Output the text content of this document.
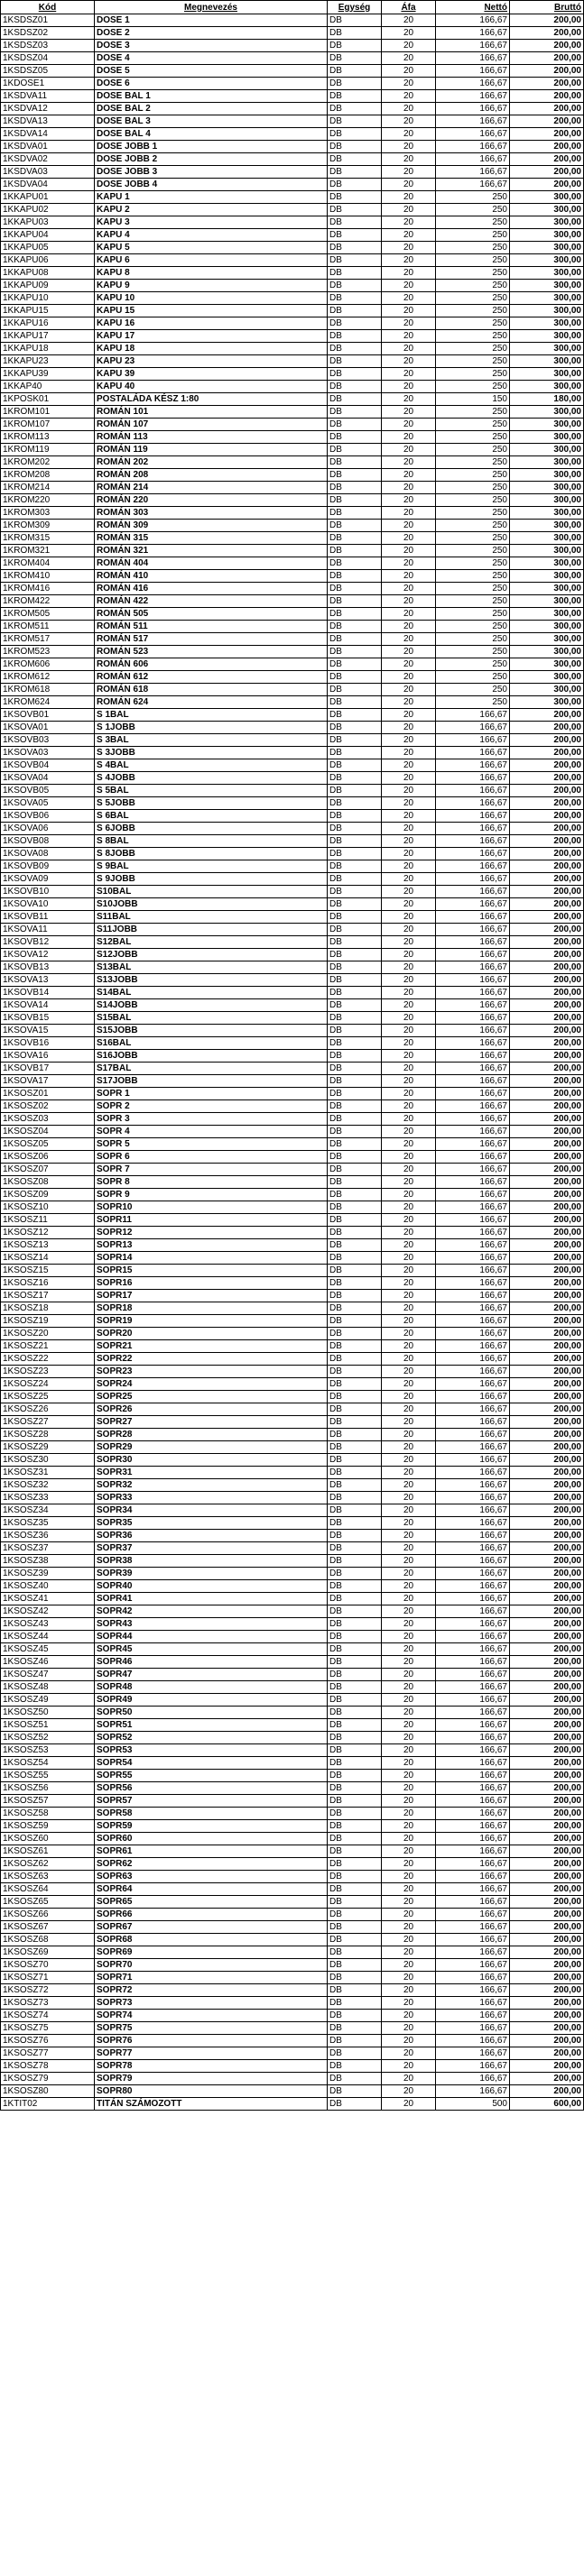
Kód	Megnevezés	Egység	Áfa	Nettó	Bruttó
1KSDSZ01	DOSE 1	DB	20	166,67	200,00
1KSDSZ02	DOSE 2	DB	20	166,67	200,00
1KSDSZ03	DOSE 3	DB	20	166,67	200,00
1KSDSZ04	DOSE 4	DB	20	166,67	200,00
1KSDSZ05	DOSE 5	DB	20	166,67	200,00
1KDOSE1	DOSE 6	DB	20	166,67	200,00
1KSDVA11	DOSE BAL 1	DB	20	166,67	200,00
1KSDVA12	DOSE BAL 2	DB	20	166,67	200,00
1KSDVA13	DOSE BAL 3	DB	20	166,67	200,00
1KSDVA14	DOSE BAL 4	DB	20	166,67	200,00
1KSDVA01	DOSE JOBB 1	DB	20	166,67	200,00
1KSDVA02	DOSE JOBB 2	DB	20	166,67	200,00
1KSDVA03	DOSE JOBB 3	DB	20	166,67	200,00
1KSDVA04	DOSE JOBB 4	DB	20	166,67	200,00
1KKAPU01	KAPU 1	DB	20	250	300,00
1KKAPU02	KAPU 2	DB	20	250	300,00
1KKAPU03	KAPU 3	DB	20	250	300,00
1KKAPU04	KAPU 4	DB	20	250	300,00
1KKAPU05	KAPU 5	DB	20	250	300,00
1KKAPU06	KAPU 6	DB	20	250	300,00
1KKAPU08	KAPU 8	DB	20	250	300,00
1KKAPU09	KAPU 9	DB	20	250	300,00
1KKAPU10	KAPU 10	DB	20	250	300,00
1KKAPU15	KAPU 15	DB	20	250	300,00
1KKAPU16	KAPU 16	DB	20	250	300,00
1KKAPU17	KAPU 17	DB	20	250	300,00
1KKAPU18	KAPU 18	DB	20	250	300,00
1KKAPU23	KAPU 23	DB	20	250	300,00
1KKAPU39	KAPU 39	DB	20	250	300,00
1KKAP40	KAPU 40	DB	20	250	300,00
1KPOSK01	POSTALÁDA KÉSZ 1:80	DB	20	150	180,00
1KROM101	ROMÁN 101	DB	20	250	300,00
1KROM107	ROMÁN 107	DB	20	250	300,00
1KROM113	ROMÁN 113	DB	20	250	300,00
1KROM119	ROMÁN 119	DB	20	250	300,00
1KROM202	ROMÁN 202	DB	20	250	300,00
1KROM208	ROMÁN 208	DB	20	250	300,00
1KROM214	ROMÁN 214	DB	20	250	300,00
1KROM220	ROMÁN 220	DB	20	250	300,00
1KROM303	ROMÁN 303	DB	20	250	300,00
1KROM309	ROMÁN 309	DB	20	250	300,00
1KROM315	ROMÁN 315	DB	20	250	300,00
1KROM321	ROMÁN 321	DB	20	250	300,00
1KROM404	ROMÁN 404	DB	20	250	300,00
1KROM410	ROMÁN 410	DB	20	250	300,00
1KROM416	ROMÁN 416	DB	20	250	300,00
1KROM422	ROMÁN 422	DB	20	250	300,00
1KROM505	ROMÁN 505	DB	20	250	300,00
1KROM511	ROMÁN 511	DB	20	250	300,00
1KROM517	ROMÁN 517	DB	20	250	300,00
1KROM523	ROMÁN 523	DB	20	250	300,00
1KROM606	ROMÁN 606	DB	20	250	300,00
1KROM612	ROMÁN 612	DB	20	250	300,00
1KROM618	ROMÁN 618	DB	20	250	300,00
1KROM624	ROMÁN 624	DB	20	250	300,00
1KSOVB01	S 1BAL	DB	20	166,67	200,00
1KSOVA01	S 1JOBB	DB	20	166,67	200,00
1KSOVB03	S 3BAL	DB	20	166,67	200,00
1KSOVA03	S 3JOBB	DB	20	166,67	200,00
1KSOVB04	S 4BAL	DB	20	166,67	200,00
1KSOVA04	S 4JOBB	DB	20	166,67	200,00
1KSOVB05	S 5BAL	DB	20	166,67	200,00
1KSOVA05	S 5JOBB	DB	20	166,67	200,00
1KSOVB06	S 6BAL	DB	20	166,67	200,00
1KSOVA06	S 6JOBB	DB	20	166,67	200,00
1KSOVB08	S 8BAL	DB	20	166,67	200,00
1KSOVA08	S 8JOBB	DB	20	166,67	200,00
1KSOVB09	S 9BAL	DB	20	166,67	200,00
1KSOVA09	S 9JOBB	DB	20	166,67	200,00
1KSOVB10	S10BAL	DB	20	166,67	200,00
1KSOVA10	S10JOBB	DB	20	166,67	200,00
1KSOVB11	S11BAL	DB	20	166,67	200,00
1KSOVA11	S11JOBB	DB	20	166,67	200,00
1KSOVB12	S12BAL	DB	20	166,67	200,00
1KSOVA12	S12JOBB	DB	20	166,67	200,00
1KSOVB13	S13BAL	DB	20	166,67	200,00
1KSOVA13	S13JOBB	DB	20	166,67	200,00
1KSOVB14	S14BAL	DB	20	166,67	200,00
1KSOVA14	S14JOBB	DB	20	166,67	200,00
1KSOVB15	S15BAL	DB	20	166,67	200,00
1KSOVA15	S15JOBB	DB	20	166,67	200,00
1KSOVB16	S16BAL	DB	20	166,67	200,00
1KSOVA16	S16JOBB	DB	20	166,67	200,00
1KSOVB17	S17BAL	DB	20	166,67	200,00
1KSOVA17	S17JOBB	DB	20	166,67	200,00
1KSOSZ01	SOPR 1	DB	20	166,67	200,00
1KSOSZ02	SOPR 2	DB	20	166,67	200,00
1KSOSZ03	SOPR 3	DB	20	166,67	200,00
1KSOSZ04	SOPR 4	DB	20	166,67	200,00
1KSOSZ05	SOPR 5	DB	20	166,67	200,00
1KSOSZ06	SOPR 6	DB	20	166,67	200,00
1KSOSZ07	SOPR 7	DB	20	166,67	200,00
1KSOSZ08	SOPR 8	DB	20	166,67	200,00
1KSOSZ09	SOPR 9	DB	20	166,67	200,00
1KSOSZ10	SOPR10	DB	20	166,67	200,00
1KSOSZ11	SOPR11	DB	20	166,67	200,00
1KSOSZ12	SOPR12	DB	20	166,67	200,00
1KSOSZ13	SOPR13	DB	20	166,67	200,00
1KSOSZ14	SOPR14	DB	20	166,67	200,00
1KSOSZ15	SOPR15	DB	20	166,67	200,00
1KSOSZ16	SOPR16	DB	20	166,67	200,00
1KSOSZ17	SOPR17	DB	20	166,67	200,00
1KSOSZ18	SOPR18	DB	20	166,67	200,00
1KSOSZ19	SOPR19	DB	20	166,67	200,00
1KSOSZ20	SOPR20	DB	20	166,67	200,00
1KSOSZ21	SOPR21	DB	20	166,67	200,00
1KSOSZ22	SOPR22	DB	20	166,67	200,00
1KSOSZ23	SOPR23	DB	20	166,67	200,00
1KSOSZ24	SOPR24	DB	20	166,67	200,00
1KSOSZ25	SOPR25	DB	20	166,67	200,00
1KSOSZ26	SOPR26	DB	20	166,67	200,00
1KSOSZ27	SOPR27	DB	20	166,67	200,00
1KSOSZ28	SOPR28	DB	20	166,67	200,00
1KSOSZ29	SOPR29	DB	20	166,67	200,00
1KSOSZ30	SOPR30	DB	20	166,67	200,00
1KSOSZ31	SOPR31	DB	20	166,67	200,00
1KSOSZ32	SOPR32	DB	20	166,67	200,00
1KSOSZ33	SOPR33	DB	20	166,67	200,00
1KSOSZ34	SOPR34	DB	20	166,67	200,00
1KSOSZ35	SOPR35	DB	20	166,67	200,00
1KSOSZ36	SOPR36	DB	20	166,67	200,00
1KSOSZ37	SOPR37	DB	20	166,67	200,00
1KSOSZ38	SOPR38	DB	20	166,67	200,00
1KSOSZ39	SOPR39	DB	20	166,67	200,00
1KSOSZ40	SOPR40	DB	20	166,67	200,00
1KSOSZ41	SOPR41	DB	20	166,67	200,00
1KSOSZ42	SOPR42	DB	20	166,67	200,00
1KSOSZ43	SOPR43	DB	20	166,67	200,00
1KSOSZ44	SOPR44	DB	20	166,67	200,00
1KSOSZ45	SOPR45	DB	20	166,67	200,00
1KSOSZ46	SOPR46	DB	20	166,67	200,00
1KSOSZ47	SOPR47	DB	20	166,67	200,00
1KSOSZ48	SOPR48	DB	20	166,67	200,00
1KSOSZ49	SOPR49	DB	20	166,67	200,00
1KSOSZ50	SOPR50	DB	20	166,67	200,00
1KSOSZ51	SOPR51	DB	20	166,67	200,00
1KSOSZ52	SOPR52	DB	20	166,67	200,00
1KSOSZ53	SOPR53	DB	20	166,67	200,00
1KSOSZ54	SOPR54	DB	20	166,67	200,00
1KSOSZ55	SOPR55	DB	20	166,67	200,00
1KSOSZ56	SOPR56	DB	20	166,67	200,00
1KSOSZ57	SOPR57	DB	20	166,67	200,00
1KSOSZ58	SOPR58	DB	20	166,67	200,00
1KSOSZ59	SOPR59	DB	20	166,67	200,00
1KSOSZ60	SOPR60	DB	20	166,67	200,00
1KSOSZ61	SOPR61	DB	20	166,67	200,00
1KSOSZ62	SOPR62	DB	20	166,67	200,00
1KSOSZ63	SOPR63	DB	20	166,67	200,00
1KSOSZ64	SOPR64	DB	20	166,67	200,00
1KSOSZ65	SOPR65	DB	20	166,67	200,00
1KSOSZ66	SOPR66	DB	20	166,67	200,00
1KSOSZ67	SOPR67	DB	20	166,67	200,00
1KSOSZ68	SOPR68	DB	20	166,67	200,00
1KSOSZ69	SOPR69	DB	20	166,67	200,00
1KSOSZ70	SOPR70	DB	20	166,67	200,00
1KSOSZ71	SOPR71	DB	20	166,67	200,00
1KSOSZ72	SOPR72	DB	20	166,67	200,00
1KSOSZ73	SOPR73	DB	20	166,67	200,00
1KSOSZ74	SOPR74	DB	20	166,67	200,00
1KSOSZ75	SOPR75	DB	20	166,67	200,00
1KSOSZ76	SOPR76	DB	20	166,67	200,00
1KSOSZ77	SOPR77	DB	20	166,67	200,00
1KSOSZ78	SOPR78	DB	20	166,67	200,00
1KSOSZ79	SOPR79	DB	20	166,67	200,00
1KSOSZ80	SOPR80	DB	20	166,67	200,00
1KTIT02	TITÁN SZÁMOZOTT	DB	20	500	600,00
